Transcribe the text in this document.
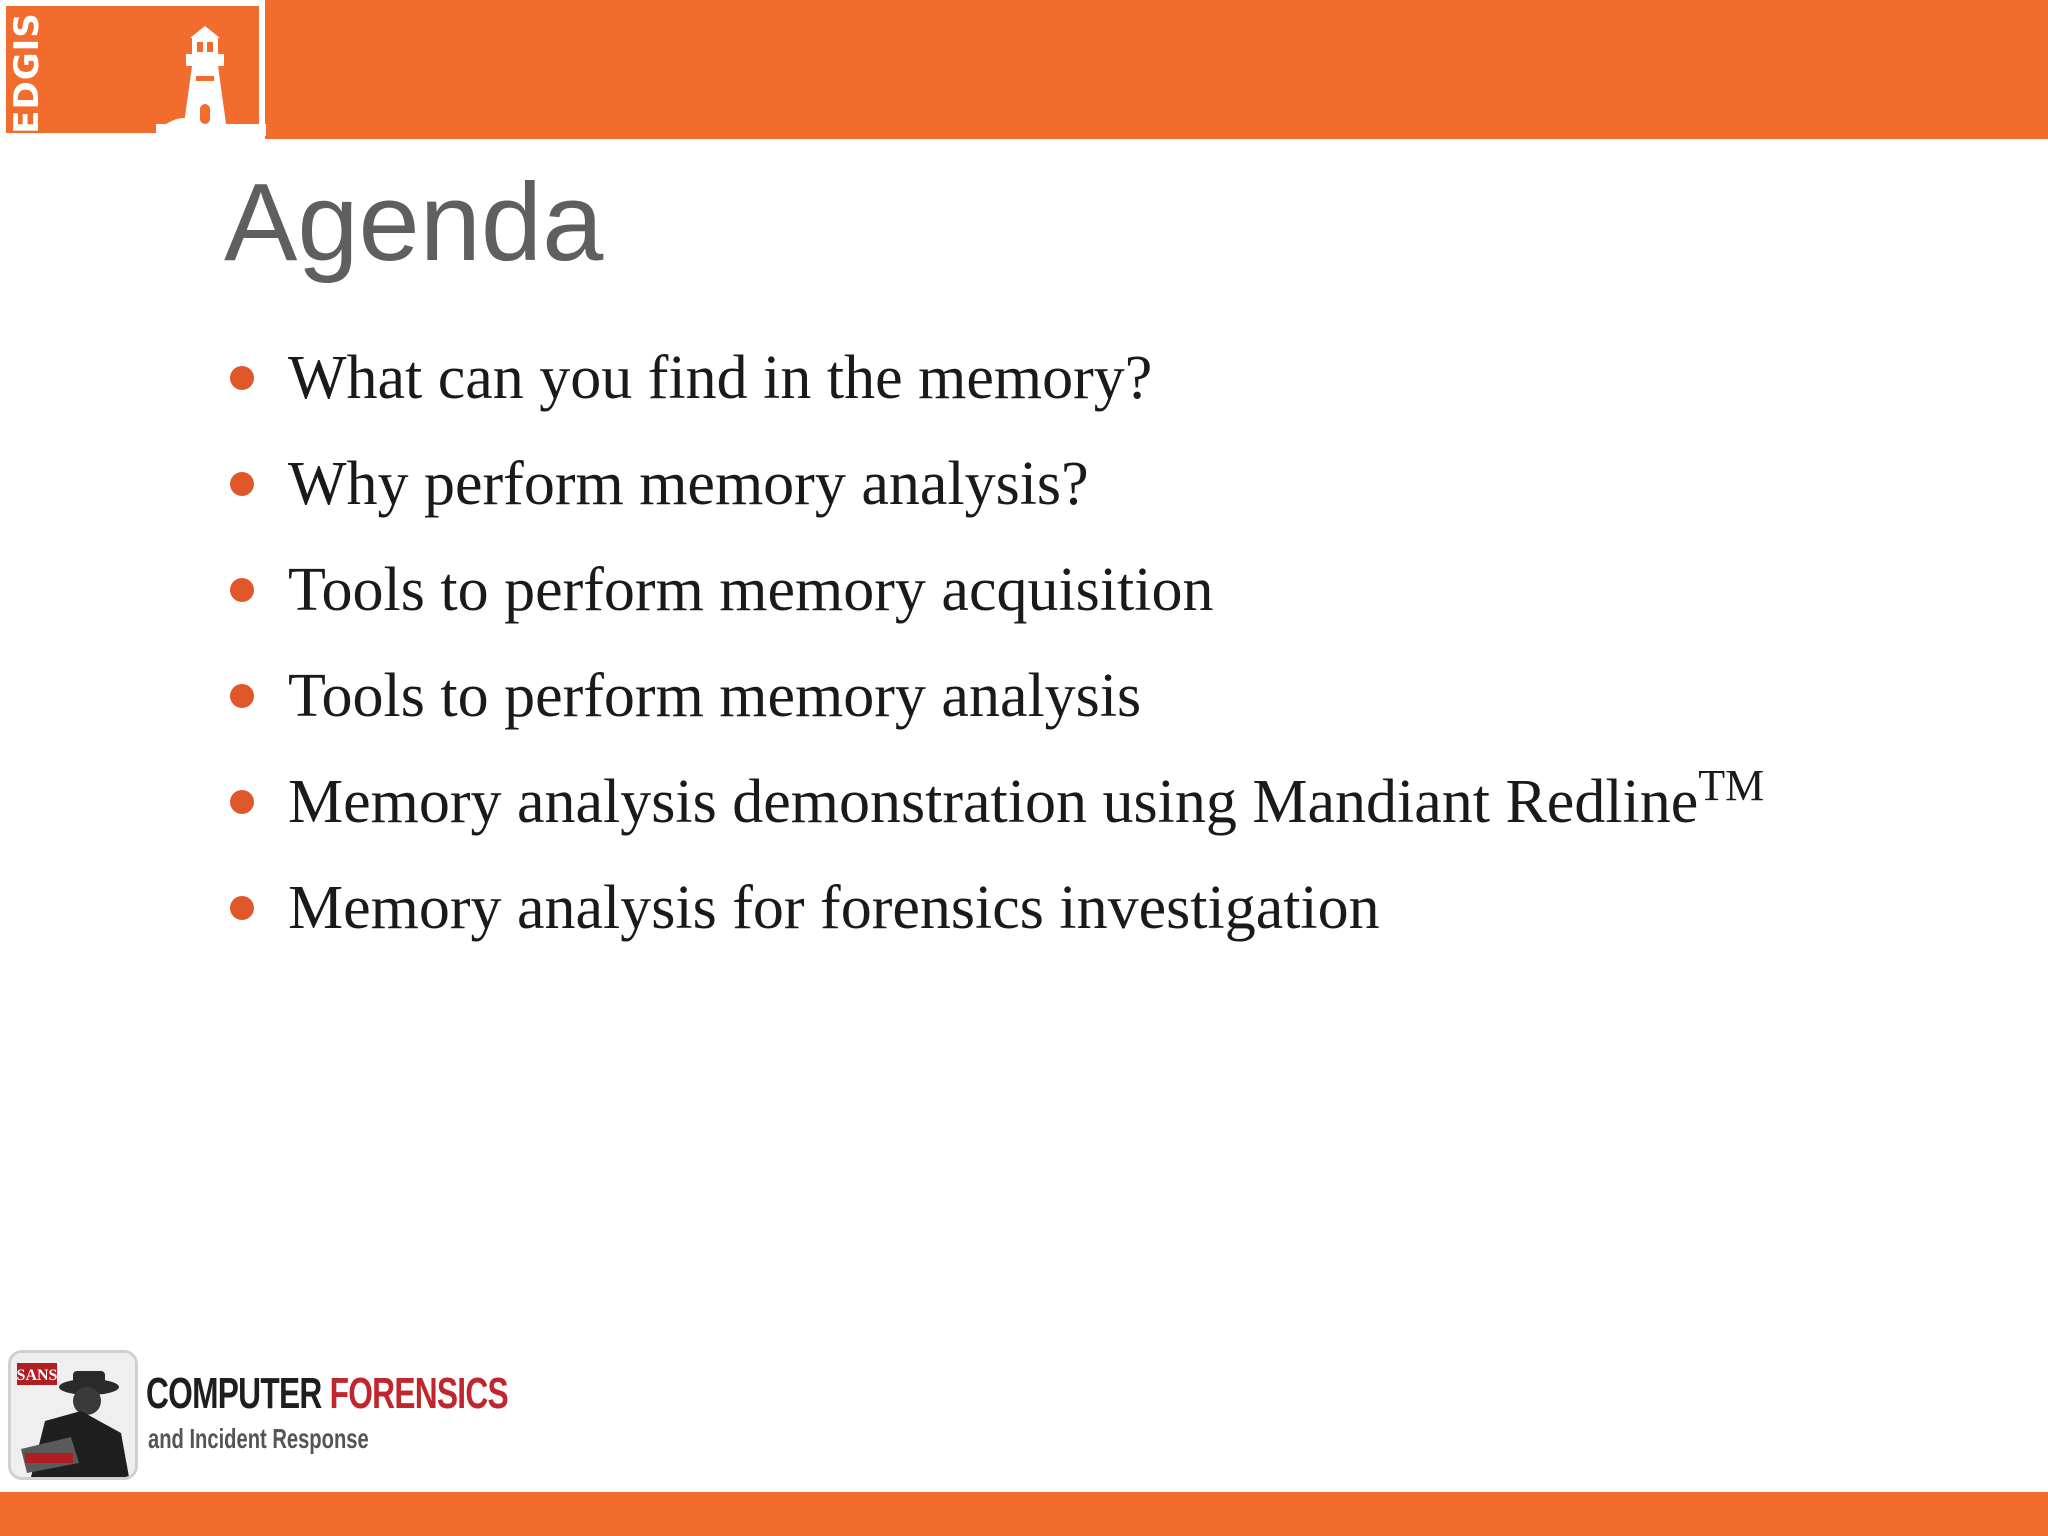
EDGIS
Agenda
What can you find in the memory?
Why perform memory analysis?
Tools to perform memory acquisition
Tools to perform memory analysis
Memory analysis demonstration using Mandiant Redline™
Memory analysis for forensics investigation
SANS COMPUTER FORENSICS
and Incident Response
